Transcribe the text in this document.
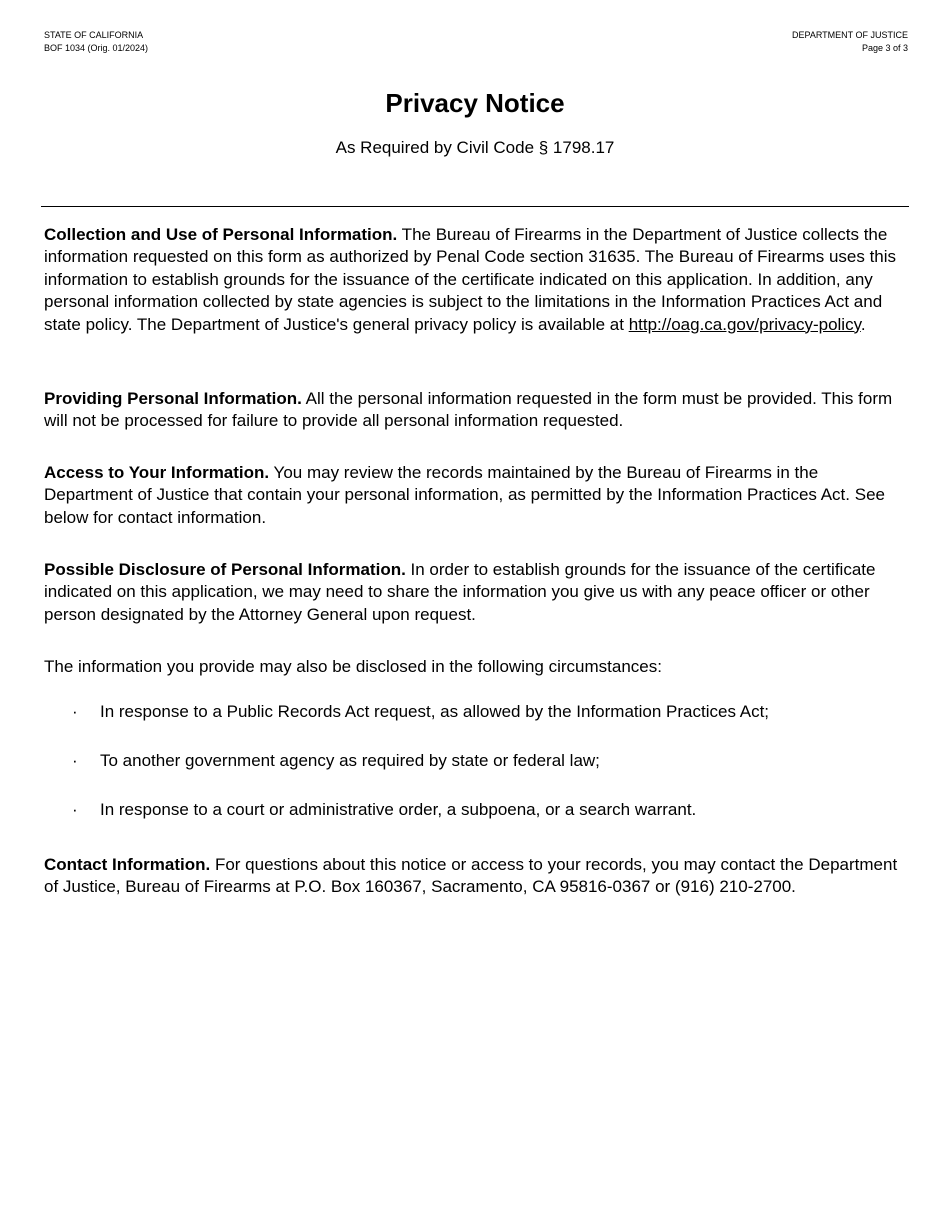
STATE OF CALIFORNIA
BOF 1034 (Orig. 01/2024)
DEPARTMENT OF JUSTICE
Page 3 of 3
Privacy Notice
As Required by Civil Code § 1798.17
Collection and Use of Personal Information. The Bureau of Firearms in the Department of Justice collects the information requested on this form as authorized by Penal Code section 31635. The Bureau of Firearms uses this information to establish grounds for the issuance of the certificate indicated on this application. In addition, any personal information collected by state agencies is subject to the limitations in the Information Practices Act and state policy. The Department of Justice's general privacy policy is available at http://oag.ca.gov/privacy-policy.
Providing Personal Information. All the personal information requested in the form must be provided. This form will not be processed for failure to provide all personal information requested.
Access to Your Information. You may review the records maintained by the Bureau of Firearms in the Department of Justice that contain your personal information, as permitted by the Information Practices Act. See below for contact information.
Possible Disclosure of Personal Information. In order to establish grounds for the issuance of the certificate indicated on this application, we may need to share the information you give us with any peace officer or other person designated by the Attorney General upon request.
The information you provide may also be disclosed in the following circumstances:
· In response to a Public Records Act request, as allowed by the Information Practices Act;
· To another government agency as required by state or federal law;
· In response to a court or administrative order, a subpoena, or a search warrant.
Contact Information. For questions about this notice or access to your records, you may contact the Department of Justice, Bureau of Firearms at P.O. Box 160367, Sacramento, CA 95816-0367 or (916) 210-2700.
